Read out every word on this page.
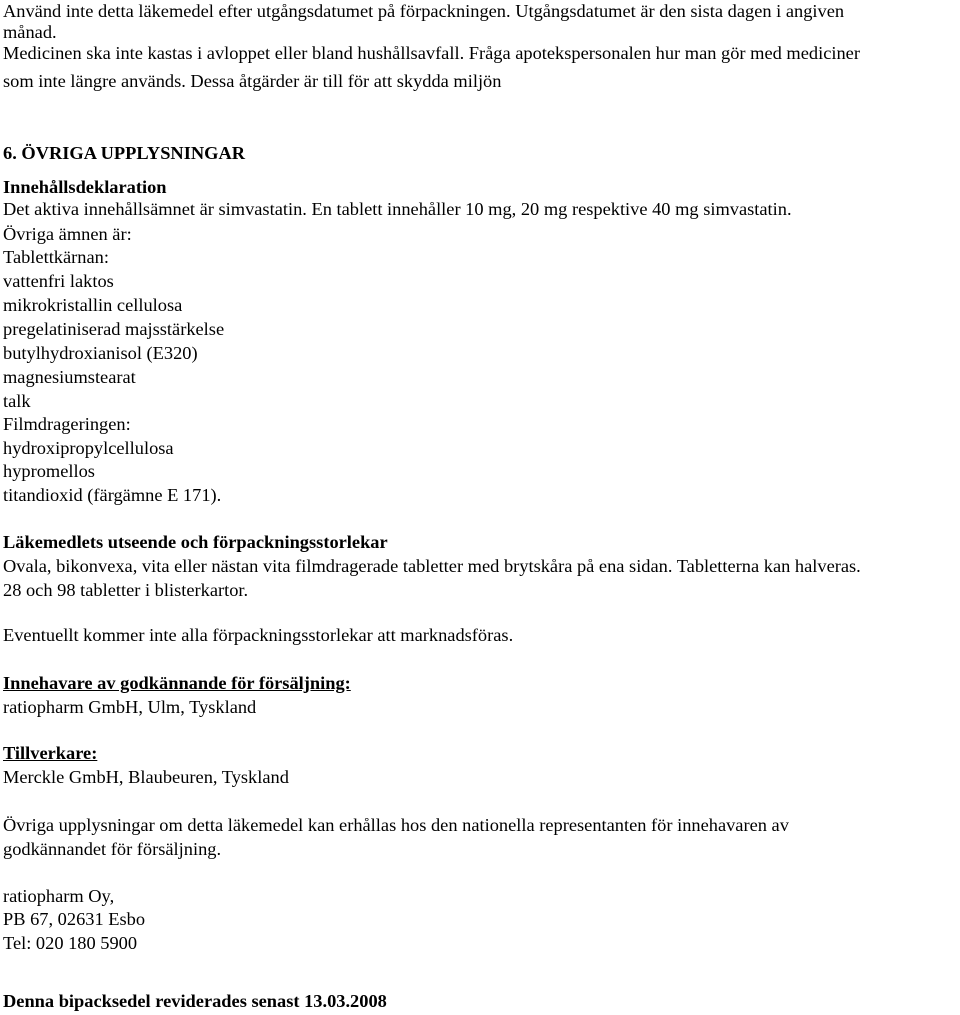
Använd inte detta läkemedel efter utgångsdatumet på förpackningen. Utgångsdatumet är den sista dagen i angiven
månad.
Medicinen ska inte kastas i avloppet eller bland hushållsavfall. Fråga apotekspersonalen hur man gör med mediciner
som inte längre används. Dessa åtgärder är till för att skydda miljön
6. ÖVRIGA UPPLYSNINGAR
Innehållsdeklaration
Det aktiva innehållsämnet är simvastatin. En tablett innehåller 10 mg, 20 mg respektive 40 mg simvastatin.
Övriga ämnen är:
Tablettkärnan:
vattenfri laktos
mikrokristallin cellulosa
pregelatiniserad majsstärkelse
butylhydroxianisol (E320)
magnesiumstearat
talk
Filmdrageringen:
hydroxipropylcellulosa
hypromellos
titandioxid (färgämne E 171).
Läkemedlets utseende och förpackningsstorlekar
Ovala, bikonvexa, vita eller nästan vita filmdragerade tabletter med brytskåra på ena sidan. Tabletterna kan halveras.
28 och 98 tabletter i blisterkartor.
Eventuellt kommer inte alla förpackningsstorlekar att marknadsföras.
Innehavare av godkännande för försäljning:
ratiopharm GmbH, Ulm, Tyskland
Tillverkare:
Merckle GmbH, Blaubeuren, Tyskland
Övriga upplysningar om detta läkemedel kan erhållas hos den nationella representanten för innehavaren av
godkännandet för försäljning.
ratiopharm Oy,
PB 67, 02631 Esbo
Tel: 020 180 5900
Denna bipacksedel reviderades senast 13.03.2008
